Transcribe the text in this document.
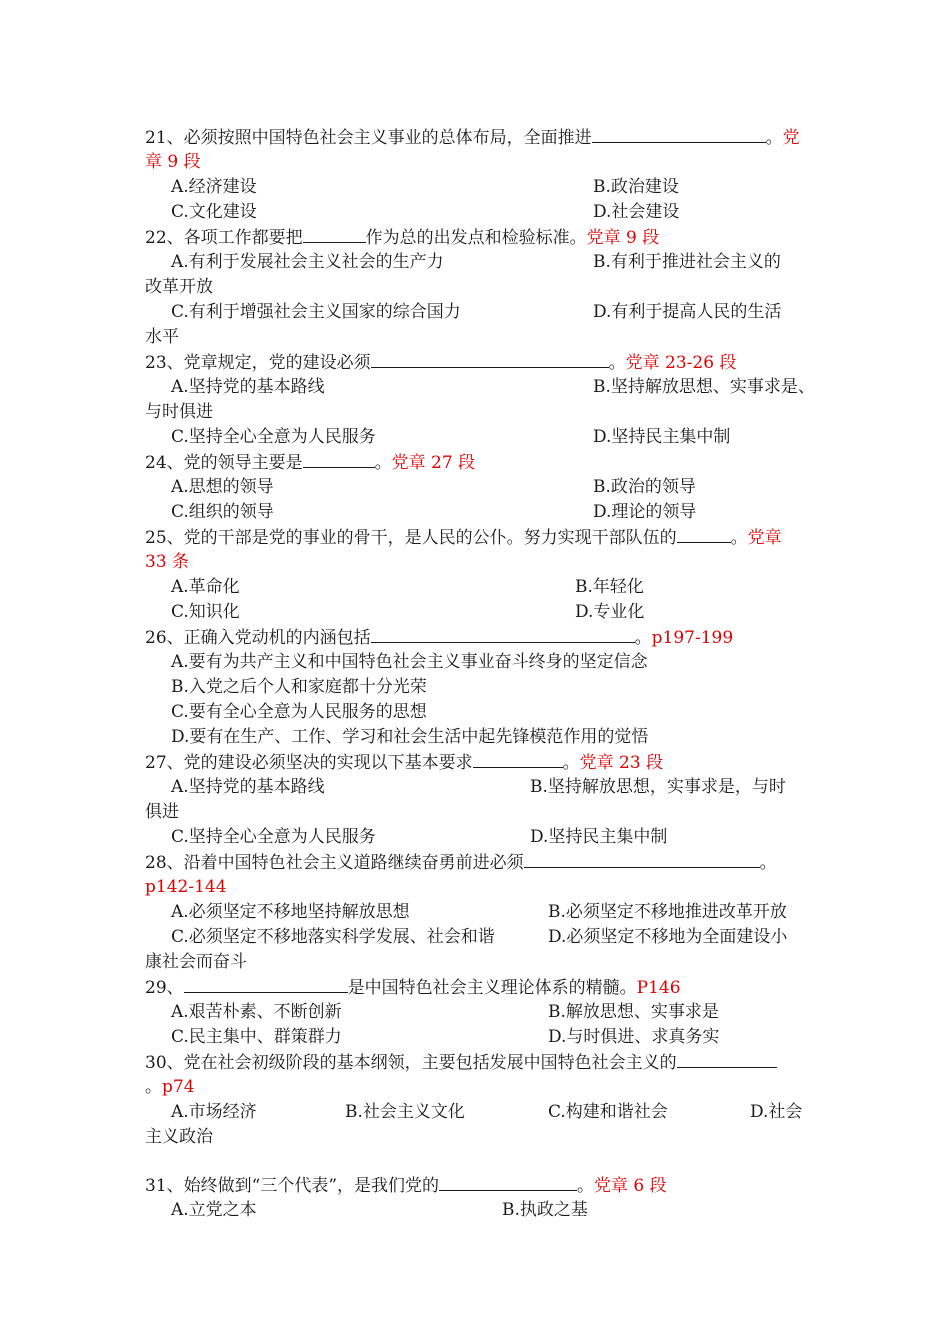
21、必须按照中国特色社会主义事业的总体布局，全面推进	。党
章 9 段
A.经济建设	B.政治建设
C.文化建设	D.社会建设
22、各项工作都要把	作为总的出发点和检验标准。党章 9 段
A.有利于发展社会主义社会的生产力	B.有利于推进社会主义的
改革开放
C.有利于增强社会主义国家的综合国力	D.有利于提高人民的生活
水平
23、党章规定，党的建设必须	。党章 23-26 段
A.坚持党的基本路线	B.坚持解放思想、实事求是、
与时俱进
C.坚持全心全意为人民服务	D.坚持民主集中制
24、党的领导主要是	。党章 27 段
A.思想的领导	B.政治的领导
C.组织的领导	D.理论的领导
25、党的干部是党的事业的骨干，是人民的公仆。努力实现干部队伍的	。党章
33 条
A.革命化	B.年轻化
C.知识化	D.专业化
26、正确入党动机的内涵包括	。p197-199
A.要有为共产主义和中国特色社会主义事业奋斗终身的坚定信念
B.入党之后个人和家庭都十分光荣
C.要有全心全意为人民服务的思想
D.要有在生产、工作、学习和社会生活中起先锋模范作用的觉悟
27、党的建设必须坚决的实现以下基本要求	。党章 23 段
A.坚持党的基本路线	B.坚持解放思想，实事求是，与时
俱进
C.坚持全心全意为人民服务	D.坚持民主集中制
28、沿着中国特色社会主义道路继续奋勇前进必须	。
p142-144
A.必须坚定不移地坚持解放思想	B.必须坚定不移地推进改革开放
C.必须坚定不移地落实科学发展、社会和谐	D.必须坚定不移地为全面建设小
康社会而奋斗
29、	是中国特色社会主义理论体系的精髓。P146
A.艰苦朴素、不断创新	B.解放思想、实事求是
C.民主集中、群策群力	D.与时俱进、求真务实
30、党在社会初级阶段的基本纲领，主要包括发展中国特色社会主义的
。p74
A.市场经济	B.社会主义文化	C.构建和谐社会	D.社会
主义政治
31、始终做到“三个代表”，是我们党的	。党章 6 段
A.立党之本	B.执政之基
